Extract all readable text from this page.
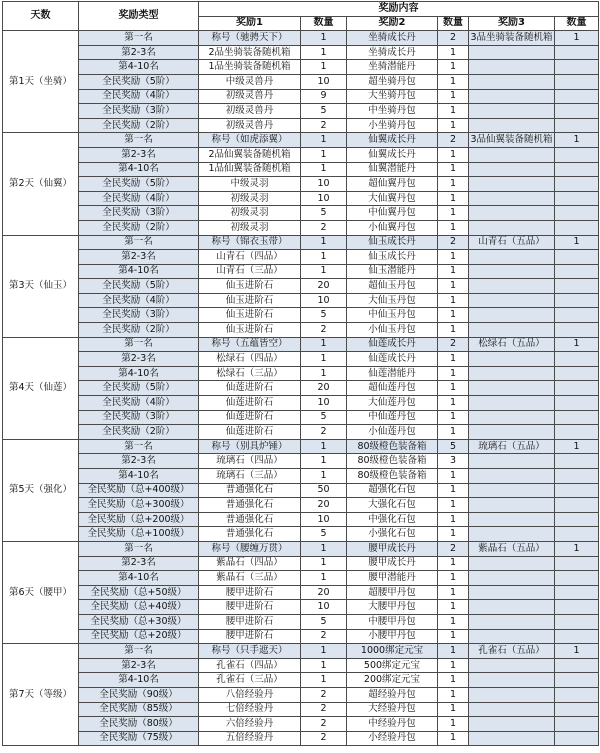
天数	奖励类型	奖励内容					
		奖励1	数量	奖励2	数量	奖励3	数量
第1天（坐骑）	第一名	称号（驰骋天下）	1	坐骑成长丹	2	3品坐骑装备随机箱	1
	第2-3名	2品坐骑装备随机箱	1	坐骑成长丹	1		
	第4-10名	1品坐骑装备随机箱	1	坐骑潜能丹	1		
	全民奖励（5阶）	中级灵兽丹	10	超坐骑丹包	1		
	全民奖励（4阶）	初级灵兽丹	9	大坐骑丹包	1		
	全民奖励（3阶）	初级灵兽丹	5	中坐骑丹包	1		
	全民奖励（2阶）	初级灵兽丹	2	小坐骑丹包	1		
第2天（仙翼）	第一名	称号（如虎添翼）	1	仙翼成长丹	2	3品仙翼装备随机箱	1
	第2-3名	2品仙翼装备随机箱	1	仙翼成长丹	1		
	第4-10名	1品仙翼装备随机箱	1	仙翼潜能丹	1		
	全民奖励（5阶）	中级灵羽	10	超仙翼丹包	1		
	全民奖励（4阶）	初级灵羽	10	大仙翼丹包	1		
	全民奖励（3阶）	初级灵羽	5	中仙翼丹包	1		
	全民奖励（2阶）	初级灵羽	2	小仙翼丹包	1		
第3天（仙玉）	第一名	称号（锦衣玉带）	1	仙玉成长丹	2	山青石（五品）	1
	第2-3名	山青石（四品）	1	仙玉成长丹	1		
	第4-10名	山青石（三品）	1	仙玉潜能丹	1		
	全民奖励（5阶）	仙玉进阶石	20	超仙玉丹包	1		
	全民奖励（4阶）	仙玉进阶石	10	大仙玉丹包	1		
	全民奖励（3阶）	仙玉进阶石	5	中仙玉丹包	1		
	全民奖励（2阶）	仙玉进阶石	2	小仙玉丹包	1		
第4天（仙莲）	第一名	称号（五蕴皆空）	1	仙莲成长丹	2	松绿石（五品）	1
	第2-3名	松绿石（四品）	1	仙莲成长丹	1		
	第4-10名	松绿石（三品）	1	仙莲潜能丹	1		
	全民奖励（5阶）	仙莲进阶石	20	超仙莲丹包	1		
	全民奖励（4阶）	仙莲进阶石	10	大仙莲丹包	1		
	全民奖励（3阶）	仙莲进阶石	5	中仙莲丹包	1		
	全民奖励（2阶）	仙莲进阶石	2	小仙莲丹包	1		
第5天（强化）	第一名	称号（别具炉锤）	1	80级橙色装备箱	5	琉璃石（五品）	1
	第2-3名	琉璃石（四品）	1	80级橙色装备箱	3		
	第4-10名	琉璃石（三品）	1	80级橙色装备箱	1		
	全民奖励（总+400级）	普通强化石	50	超强化石包	1		
	全民奖励（总+300级）	普通强化石	20	大强化石包	1		
	全民奖励（总+200级）	普通强化石	10	中强化石包	1		
	全民奖励（总+100级）	普通强化石	5	小强化石包	1		
第6天（腰甲）	第一名	称号（腰缠万贯）	1	腰甲成长丹	2	紫晶石（五品）	1
	第2-3名	紫晶石（四品）	1	腰甲成长丹	1		
	第4-10名	紫晶石（三品）	1	腰甲潜能丹	1		
	全民奖励（总+50级）	腰甲进阶石	20	超腰甲丹包	1		
	全民奖励（总+40级）	腰甲进阶石	10	大腰甲丹包	1		
	全民奖励（总+30级）	腰甲进阶石	5	中腰甲丹包	1		
	全民奖励（总+20级）	腰甲进阶石	2	小腰甲丹包	1		
第7天（等级）	第一名	称号（只手遮天）	1	1000绑定元宝	1	孔雀石（五品）	1
	第2-3名	孔雀石（四品）	1	500绑定元宝	1		
	第4-10名	孔雀石（三品）	1	200绑定元宝	1		
	全民奖励（90级）	八倍经验丹	2	超经验丹包	1		
	全民奖励（85级）	七倍经验丹	2	大经验丹包	1		
	全民奖励（80级）	六倍经验丹	2	中经验丹包	1		
	全民奖励（75级）	五倍经验丹	2	小经验丹包	1		
